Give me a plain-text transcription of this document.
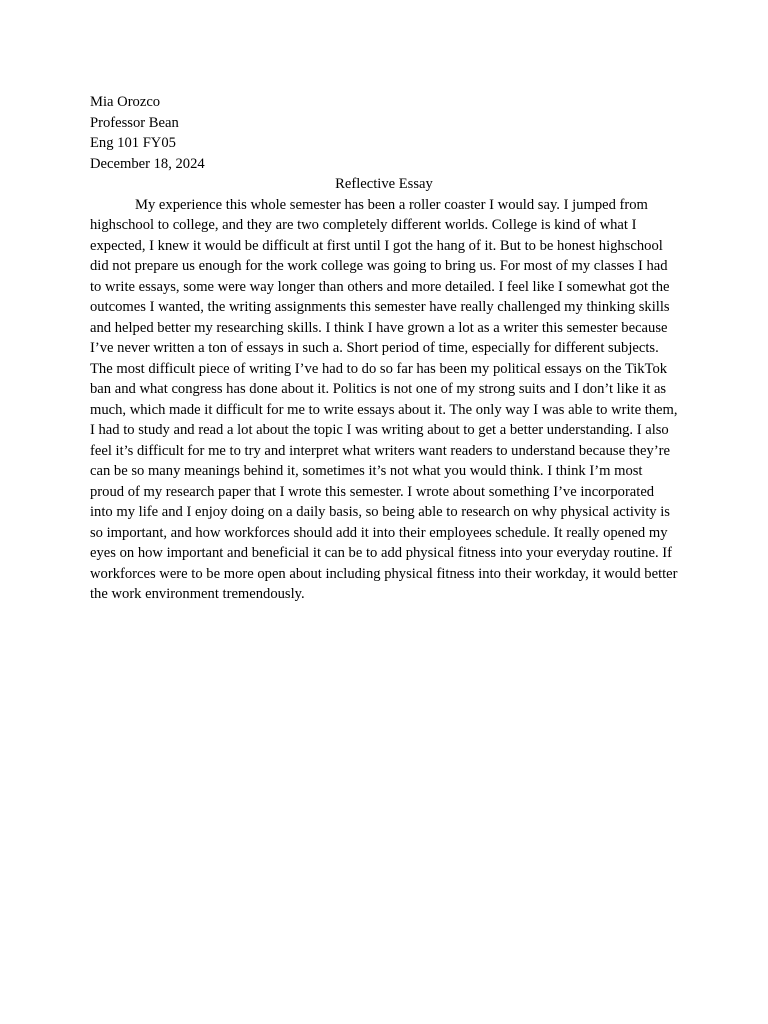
Mia Orozco
Professor Bean
Eng 101 FY05
December 18, 2024
Reflective Essay

My experience this whole semester has been a roller coaster I would say. I jumped from highschool to college, and they are two completely different worlds. College is kind of what I expected, I knew it would be difficult at first until I got the hang of it. But to be honest highschool did not prepare us enough for the work college was going to bring us. For most of my classes I had to write essays, some were way longer than others and more detailed. I feel like I somewhat got the outcomes I wanted, the writing assignments this semester have really challenged my thinking skills and helped better my researching skills. I think I have grown a lot as a writer this semester because I’ve never written a ton of essays in such a. Short period of time, especially for different subjects. The most difficult piece of writing I’ve had to do so far has been my political essays on the TikTok ban and what congress has done about it. Politics is not one of my strong suits and I don’t like it as much, which made it difficult for me to write essays about it. The only way I was able to write them, I had to study and read a lot about the topic I was writing about to get a better understanding. I also feel it’s difficult for me to try and interpret what writers want readers to understand because they’re can be so many meanings behind it, sometimes it’s not what you would think. I think I’m most proud of my research paper that I wrote this semester. I wrote about something I’ve incorporated into my life and I enjoy doing on a daily basis, so being able to research on why physical activity is so important, and how workforces should add it into their employees schedule. It really opened my eyes on how important and beneficial it can be to add physical fitness into your everyday routine. If workforces were to be more open about including physical fitness into their workday, it would better the work environment tremendously.
